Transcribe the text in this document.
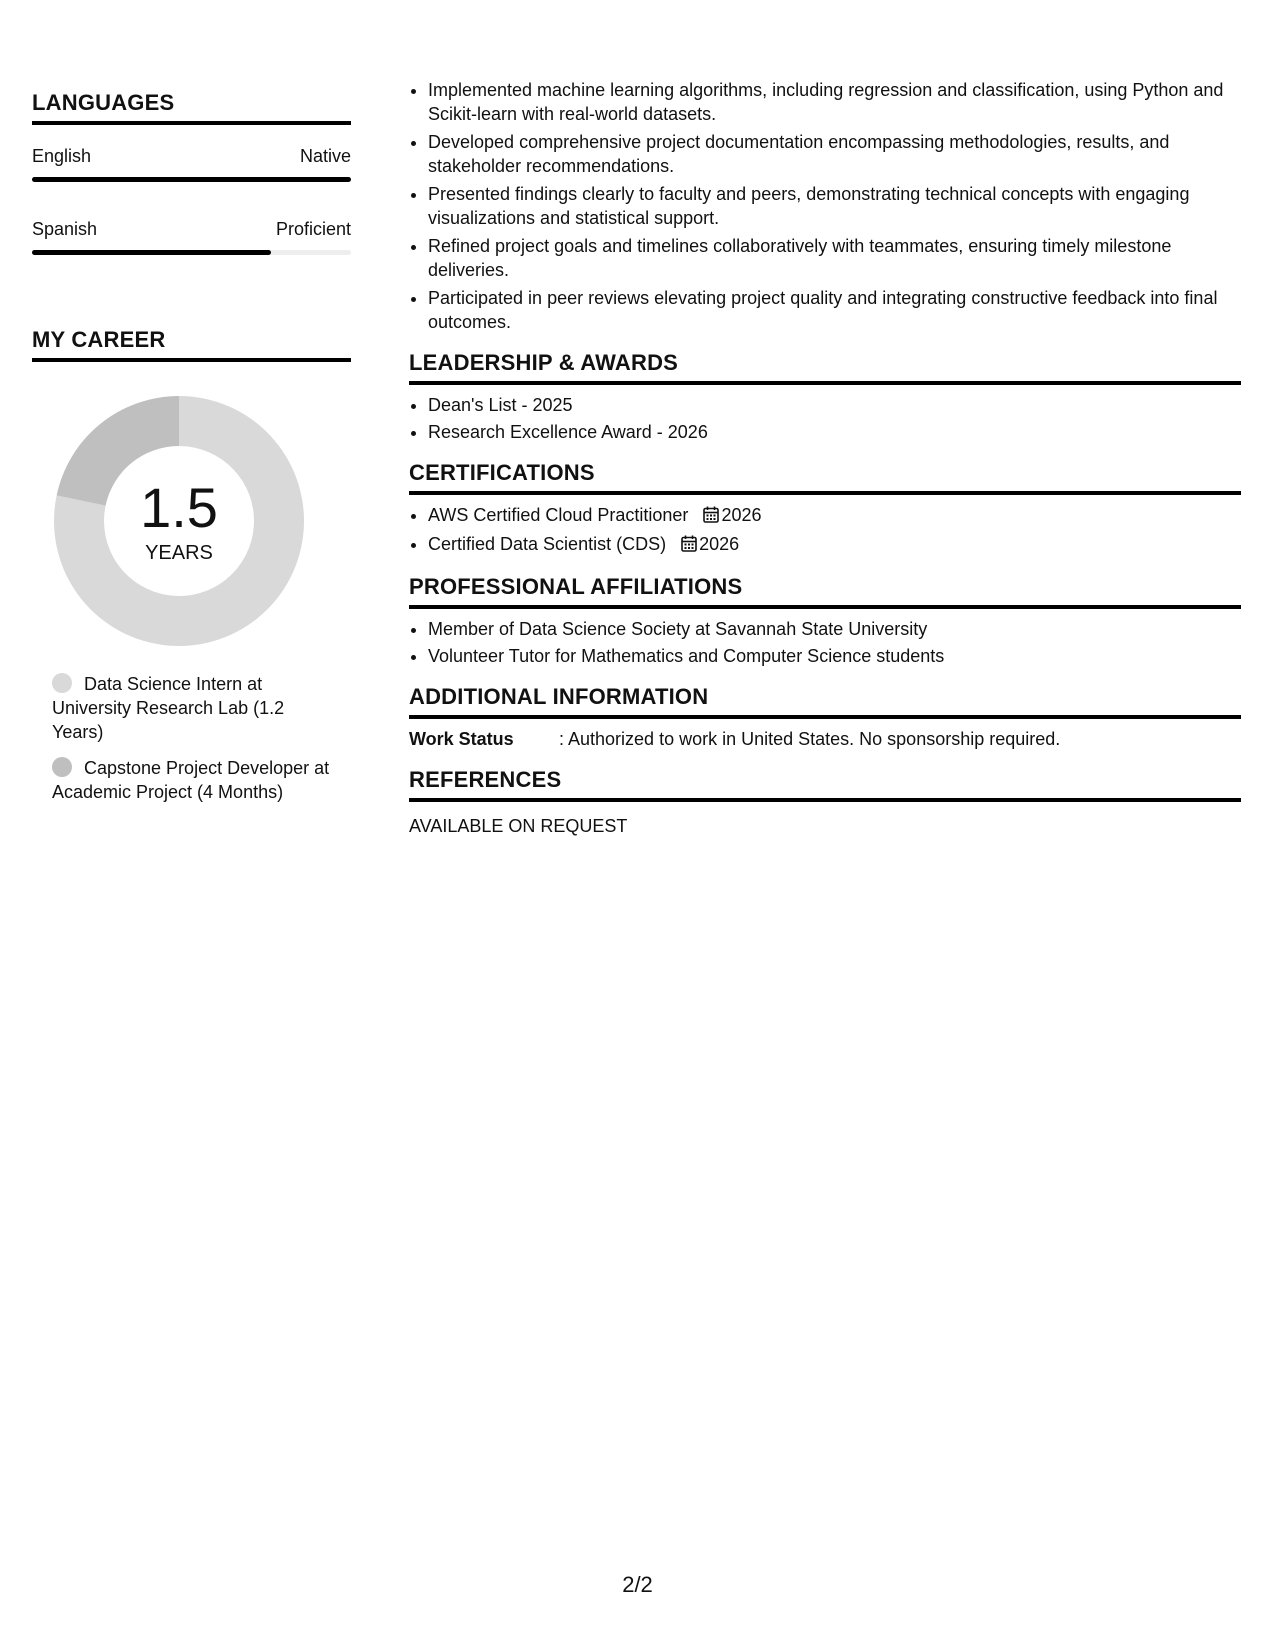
LANGUAGES
English	Native
Spanish	Proficient
MY CAREER
1.5
YEARS
Data Science Intern at University Research Lab (1.2 Years)
Capstone Project Developer at Academic Project (4 Months)
• Implemented machine learning algorithms, including regression and classification, using Python and Scikit-learn with real-world datasets.
• Developed comprehensive project documentation encompassing methodologies, results, and stakeholder recommendations.
• Presented findings clearly to faculty and peers, demonstrating technical concepts with engaging visualizations and statistical support.
• Refined project goals and timelines collaboratively with teammates, ensuring timely milestone deliveries.
• Participated in peer reviews elevating project quality and integrating constructive feedback into final outcomes.
LEADERSHIP & AWARDS
• Dean's List - 2025
• Research Excellence Award - 2026
CERTIFICATIONS
• AWS Certified Cloud Practitioner 2026
• Certified Data Scientist (CDS) 2026
PROFESSIONAL AFFILIATIONS
• Member of Data Science Society at Savannah State University
• Volunteer Tutor for Mathematics and Computer Science students
ADDITIONAL INFORMATION
Work Status	: Authorized to work in United States. No sponsorship required.
REFERENCES
AVAILABLE ON REQUEST
2/2
